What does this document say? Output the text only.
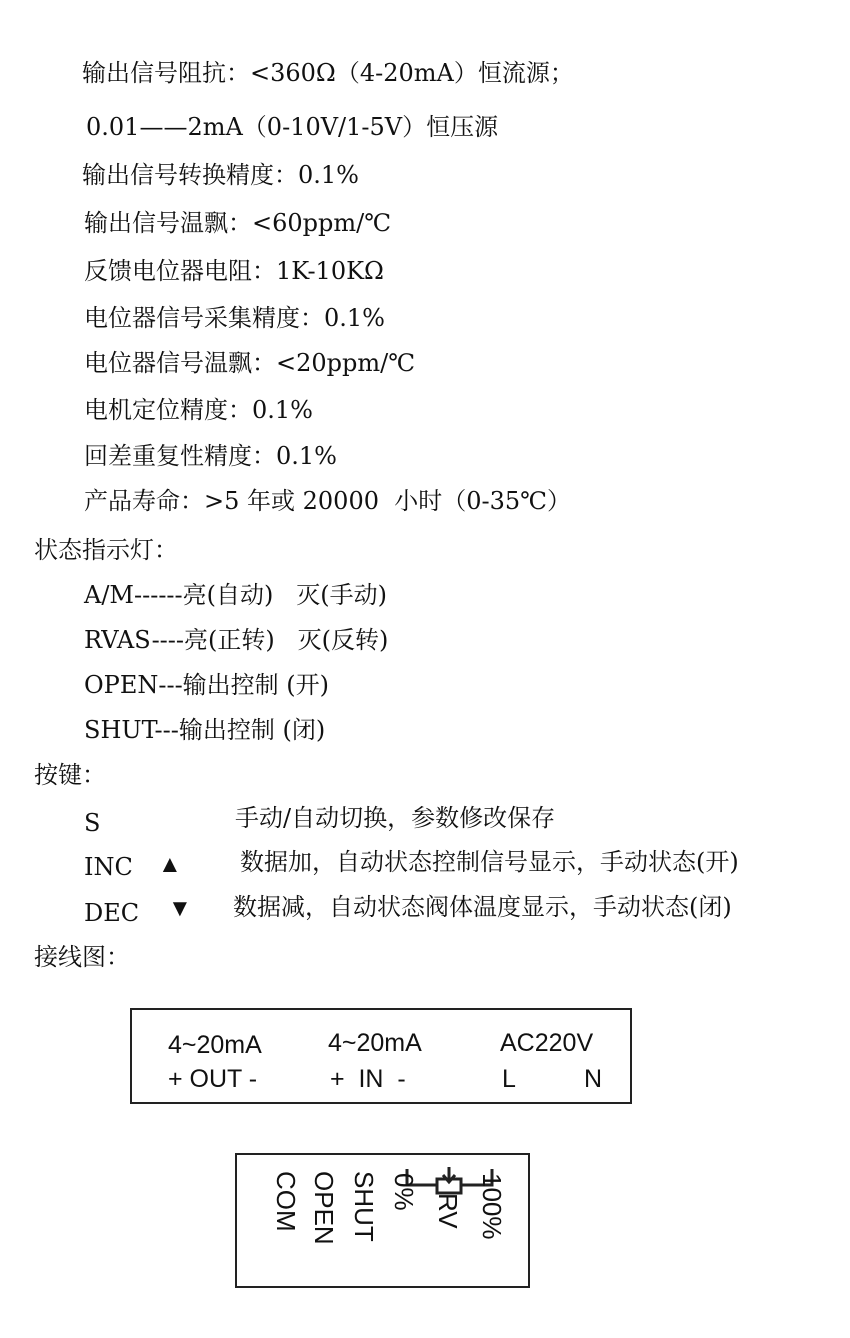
输出信号阻抗：<360Ω（4-20mA）恒流源；
0.01——2mA（0-10V/1-5V）恒压源
输出信号转换精度：0.1%
输出信号温飘：<60ppm/℃
反馈电位器电阻：1K-10KΩ
电位器信号采集精度：0.1%
电位器信号温飘：<20ppm/℃
电机定位精度：0.1%
回差重复性精度：0.1%
产品寿命：>5 年或 20000  小时（0-35℃）
状态指示灯：
A/M------亮(自动)   灭(手动)
RVAS----亮(正转)   灭(反转)
OPEN---输出控制 (开)
SHUT---输出控制 (闭)
按键：
S	手动/自动切换，参数修改保存
INC ▲ 数据加，自动状态控制信号显示，手动状态(开)
DEC ▼ 数据减，自动状态阀体温度显示，手动状态(闭)
接线图：
4~20mA	4~20mA	AC220V
+ OUT -	+  IN  -	L	N
COM OPEN SHUT 0%
RV 100%
